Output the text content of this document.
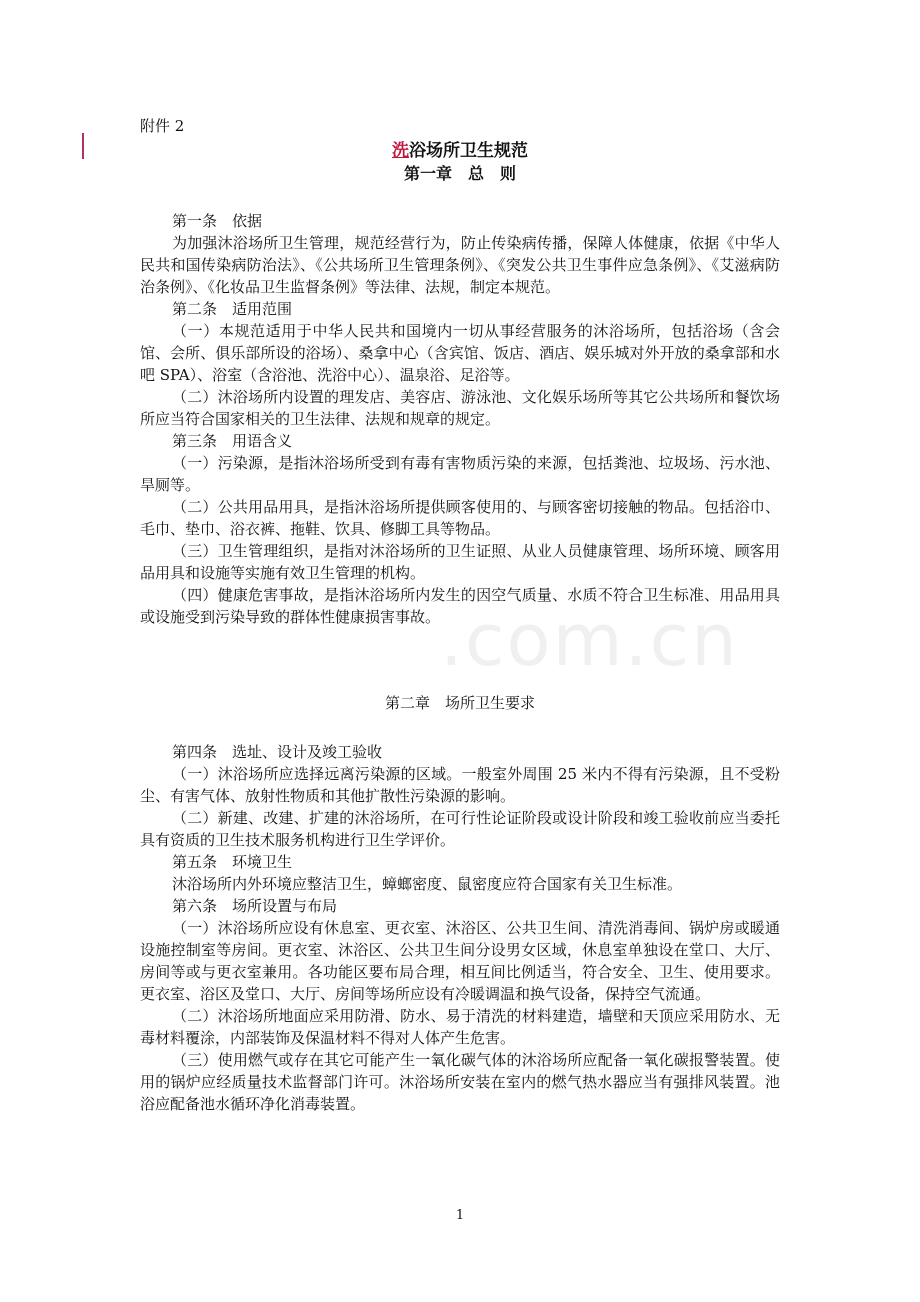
.com.cn
附件 2
洗浴场所卫生规范
第一章　总　则

第一条　依据

为加强沐浴场所卫生管理，规范经营行为，防止传染病传播，保障人体健康，依据《中华人民共和国传染病防治法》、《公共场所卫生管理条例》、《突发公共卫生事件应急条例》、《艾滋病防治条例》、《化妆品卫生监督条例》等法律、法规，制定本规范。

第二条　适用范围

（一）本规范适用于中华人民共和国境内一切从事经营服务的沐浴场所，包括浴场（含会馆、会所、俱乐部所设的浴场）、桑拿中心（含宾馆、饭店、酒店、娱乐城对外开放的桑拿部和水吧 SPA）、浴室（含浴池、洗浴中心）、温泉浴、足浴等。

（二）沐浴场所内设置的理发店、美容店、游泳池、文化娱乐场所等其它公共场所和餐饮场所应当符合国家相关的卫生法律、法规和规章的规定。

第三条　用语含义

（一）污染源，是指沐浴场所受到有毒有害物质污染的来源，包括粪池、垃圾场、污水池、旱厕等。

（二）公共用品用具，是指沐浴场所提供顾客使用的、与顾客密切接触的物品。包括浴巾、毛巾、垫巾、浴衣裤、拖鞋、饮具、修脚工具等物品。

（三）卫生管理组织，是指对沐浴场所的卫生证照、从业人员健康管理、场所环境、顾客用品用具和设施等实施有效卫生管理的机构。

（四）健康危害事故，是指沐浴场所内发生的因空气质量、水质不符合卫生标准、用品用具或设施受到污染导致的群体性健康损害事故。

第二章　场所卫生要求

第四条　选址、设计及竣工验收

（一）沐浴场所应选择远离污染源的区域。一般室外周围 25 米内不得有污染源，且不受粉尘、有害气体、放射性物质和其他扩散性污染源的影响。

（二）新建、改建、扩建的沐浴场所，在可行性论证阶段或设计阶段和竣工验收前应当委托具有资质的卫生技术服务机构进行卫生学评价。

第五条　环境卫生

沐浴场所内外环境应整洁卫生，蟑螂密度、鼠密度应符合国家有关卫生标准。

第六条　场所设置与布局

（一）沐浴场所应设有休息室、更衣室、沐浴区、公共卫生间、清洗消毒间、锅炉房或暖通设施控制室等房间。更衣室、沐浴区、公共卫生间分设男女区域，休息室单独设在堂口、大厅、房间等或与更衣室兼用。各功能区要布局合理，相互间比例适当，符合安全、卫生、使用要求。更衣室、浴区及堂口、大厅、房间等场所应设有冷暖调温和换气设备，保持空气流通。

（二）沐浴场所地面应采用防滑、防水、易于清洗的材料建造，墙壁和天顶应采用防水、无毒材料覆涂，内部装饰及保温材料不得对人体产生危害。

（三）使用燃气或存在其它可能产生一氧化碳气体的沐浴场所应配备一氧化碳报警装置。使用的锅炉应经质量技术监督部门许可。沐浴场所安装在室内的燃气热水器应当有强排风装置。池浴应配备池水循环净化消毒装置。

1
